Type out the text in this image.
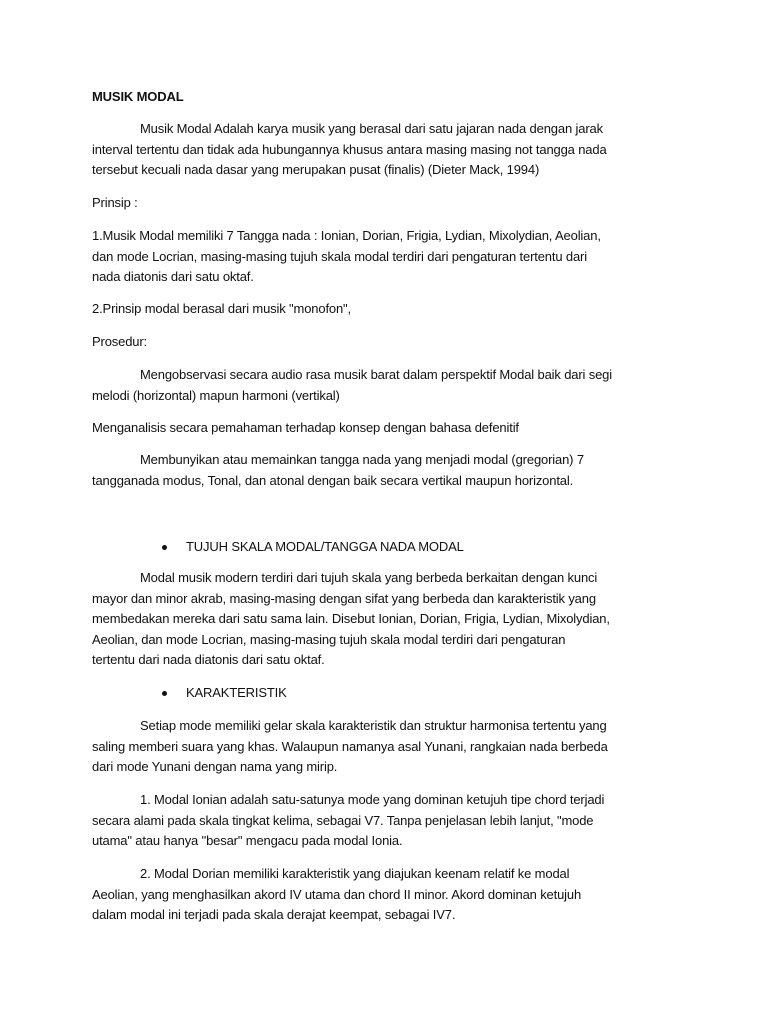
MUSIK MODAL
Musik Modal Adalah karya musik yang berasal dari satu jajaran nada dengan jarak
interval tertentu dan tidak ada hubungannya khusus antara masing masing not tangga nada
tersebut kecuali nada dasar yang merupakan pusat (finalis) (Dieter Mack, 1994)
Prinsip :
1.Musik Modal memiliki 7 Tangga nada : Ionian, Dorian, Frigia, Lydian, Mixolydian, Aeolian,
dan mode Locrian, masing-masing tujuh skala modal terdiri dari pengaturan tertentu dari
nada diatonis dari satu oktaf.
2.Prinsip modal berasal dari musik "monofon",
Prosedur:
Mengobservasi secara audio rasa musik barat dalam perspektif Modal baik dari segi
melodi (horizontal) mapun harmoni (vertikal)
Menganalisis secara pemahaman terhadap konsep dengan bahasa defenitif
Membunyikan atau memainkan tangga nada yang menjadi modal (gregorian) 7
tangganada modus, Tonal, dan atonal dengan baik secara vertikal maupun horizontal.
TUJUH SKALA MODAL/TANGGA NADA MODAL
Modal musik modern terdiri dari tujuh skala yang berbeda berkaitan dengan kunci
mayor dan minor akrab, masing-masing dengan sifat yang berbeda dan karakteristik yang
membedakan mereka dari satu sama lain. Disebut Ionian, Dorian, Frigia, Lydian, Mixolydian,
Aeolian, dan mode Locrian, masing-masing tujuh skala modal terdiri dari pengaturan
tertentu dari nada diatonis dari satu oktaf.
KARAKTERISTIK
Setiap mode memiliki gelar skala karakteristik dan struktur harmonisa tertentu yang
saling memberi suara yang khas. Walaupun namanya asal Yunani, rangkaian nada berbeda
dari mode Yunani dengan nama yang mirip.
1. Modal Ionian adalah satu-satunya mode yang dominan ketujuh tipe chord terjadi
secara alami pada skala tingkat kelima, sebagai V7. Tanpa penjelasan lebih lanjut, "mode
utama" atau hanya "besar" mengacu pada modal Ionia.
2. Modal Dorian memiliki karakteristik yang diajukan keenam relatif ke modal
Aeolian, yang menghasilkan akord IV utama dan chord II minor. Akord dominan ketujuh
dalam modal ini terjadi pada skala derajat keempat, sebagai IV7.
